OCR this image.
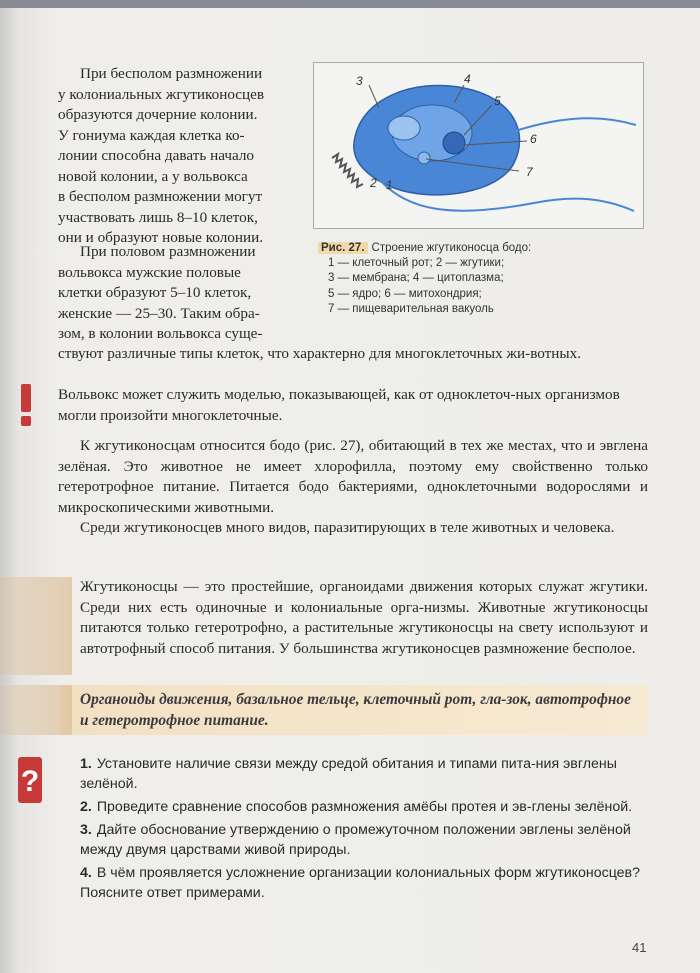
При бесполом размножении
у колониальных жгутиконосцев
образуются дочерние колонии.
У гониума каждая клетка ко-
лонии способна давать начало
новой колонии, а у вольвокса
в бесполом размножении могут
участвовать лишь 8–10 клеток,
они и образуют новые колонии.
При половом размножении
вольвокса мужские половые
клетки образуют 5–10 клеток,
женские — 25–30. Таким обра-
зом, в колонии вольвокса суще-
ствуют различные типы клеток, что характерно для многоклеточных жи-вотных.
3	4
5
6
7
2 1
Рис. 27. Строение жгутиконосца бодо:
1 — клеточный рот; 2 — жгутики;
3 — мембрана; 4 — цитоплазма;
5 — ядро; 6 — митохондрия;
7 — пищеварительная вакуоль
Вольвокс может служить моделью, показывающей, как от одноклеточ-ных организмов могли произойти многоклеточные.
К жгутиконосцам относится бодо (рис. 27), обитающий в тех же местах, что и эвглена зелёная. Это животное не имеет хлорофилла, поэтому ему свойственно только гетеротрофное питание. Питается бодо бактериями, одноклеточными водорослями и микроскопическими животными.
Среди жгутиконосцев много видов, паразитирующих в теле животных и человека.
Жгутиконосцы — это простейшие, органоидами движения которых служат жгутики. Среди них есть одиночные и колониальные орга-низмы. Животные жгутиконосцы питаются только гетеротрофно, а растительные жгутиконосцы на свету используют и автотрофный способ питания. У большинства жгутиконосцев размножение бесполое.
Органоиды движения, базальное тельце, клеточный рот, гла-зок, автотрофное и гетеротрофное питание.
?
1. Установите наличие связи между средой обитания и типами пита-ния эвглены зелёной.
2. Проведите сравнение способов размножения амёбы протея и эв-глены зелёной.
3. Дайте обоснование утверждению о промежуточном положении эвглены зелёной между двумя царствами живой природы.
4. В чём проявляется усложнение организации колониальных форм жгутиконосцев? Поясните ответ примерами.
41
